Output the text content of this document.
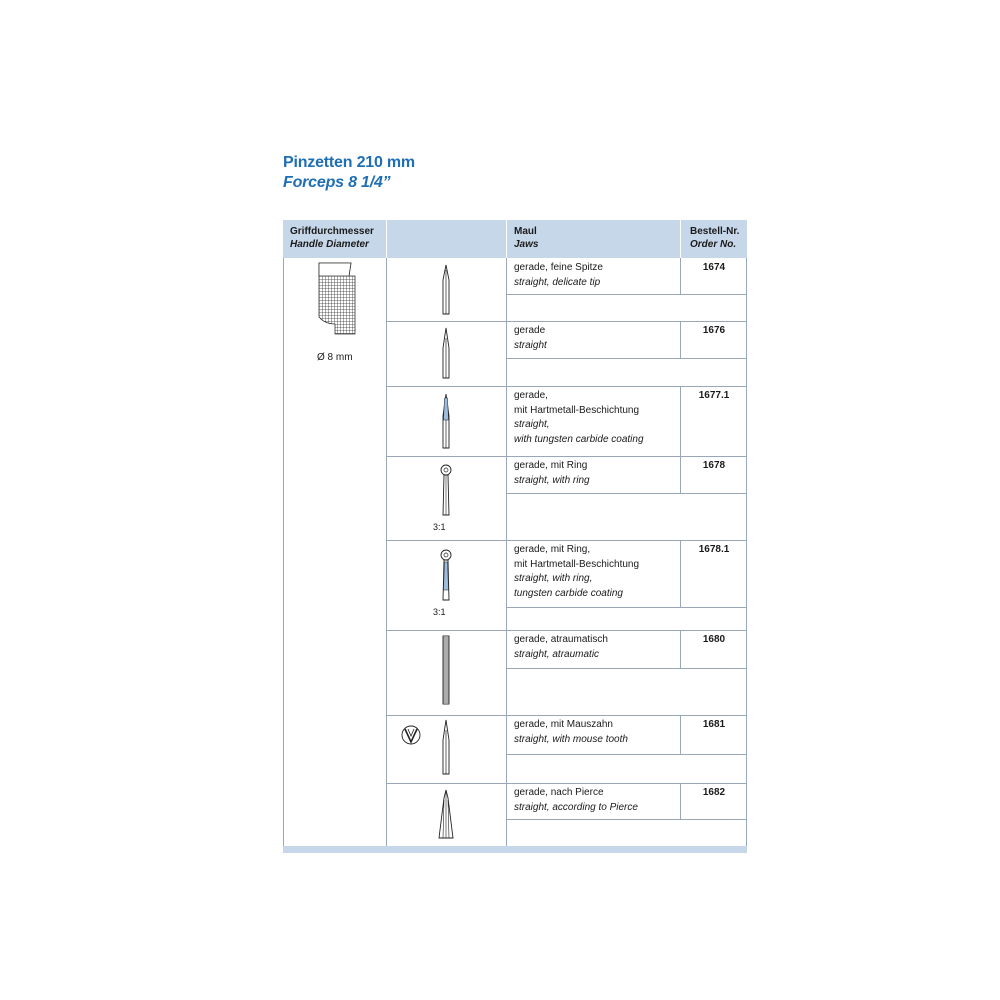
Pinzetten 210 mm
Forceps 8 1/4”
Griffdurchmesser
Handle Diameter
Maul
Jaws
Bestell-Nr.
Order No.
Ø 8 mm
gerade, feine Spitze
straight, delicate tip
1674
gerade
straight
1676
gerade,
mit Hartmetall-Beschichtung
straight,
with tungsten carbide coating
1677.1
gerade, mit Ring
straight, with ring
1678
3:1
gerade, mit Ring,
mit Hartmetall-Beschichtung
straight, with ring,
tungsten carbide coating
1678.1
3:1
gerade, atraumatisch
straight, atraumatic
1680
gerade, mit Mauszahn
straight, with mouse tooth
1681
gerade, nach Pierce
straight, according to Pierce
1682
